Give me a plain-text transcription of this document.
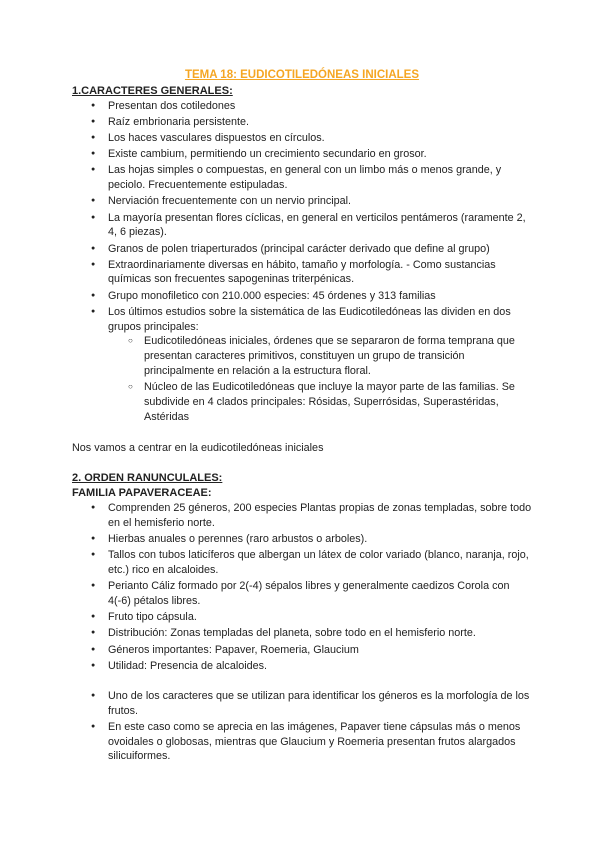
TEMA 18: EUDICOTILEDÓNEAS INICIALES

1.CARACTERES GENERALES:

● Presentan dos cotiledones
● Raíz embrionaria persistente.
● Los haces vasculares dispuestos en círculos.
● Existe cambium, permitiendo un crecimiento secundario en grosor.
● Las hojas simples o compuestas, en general con un limbo más o menos grande, y peciolo. Frecuentemente estipuladas.
● Nerviación frecuentemente con un nervio principal.
● La mayoría presentan flores cíclicas, en general en verticilos pentámeros (raramente 2, 4, 6 piezas).
● Granos de polen triaperturados (principal carácter derivado que define al grupo)
● Extraordinariamente diversas en hábito, tamaño y morfología. - Como sustancias químicas son frecuentes sapogeninas triterpénicas.
● Grupo monofiletico con 210.000 especies: 45 órdenes y 313 familias
● Los últimos estudios sobre la sistemática de las Eudicotiledóneas las dividen en dos grupos principales:
○ Eudicotiledóneas iniciales, órdenes que se separaron de forma temprana que presentan caracteres primitivos, constituyen un grupo de transición principalmente en relación a la estructura floral.
○ Núcleo de las Eudicotiledóneas que incluye la mayor parte de las familias. Se subdivide en 4 clados principales: Rósidas, Superrósidas, Superastéridas, Astéridas

Nos vamos a centrar en la eudicotiledóneas iniciales

2. ORDEN RANUNCULALES:

FAMILIA PAPAVERACEAE:

● Comprenden 25 géneros, 200 especies Plantas propias de zonas templadas, sobre todo en el hemisferio norte.
● Hierbas anuales o perennes (raro arbustos o arboles).
● Tallos con tubos laticíferos que albergan un látex de color variado (blanco, naranja, rojo, etc.) rico en alcaloides.
● Perianto Cáliz formado por 2(-4) sépalos libres y generalmente caedizos Corola con 4(-6) pétalos libres.
● Fruto tipo cápsula.
● Distribución: Zonas templadas del planeta, sobre todo en el hemisferio norte.
● Géneros importantes: Papaver, Roemeria, Glaucium
● Utilidad: Presencia de alcaloides.
● Uno de los caracteres que se utilizan para identificar los géneros es la morfología de los frutos.
● En este caso como se aprecia en las imágenes, Papaver tiene cápsulas más o menos ovoidales o globosas, mientras que Glaucium y Roemeria presentan frutos alargados silicuiformes.
